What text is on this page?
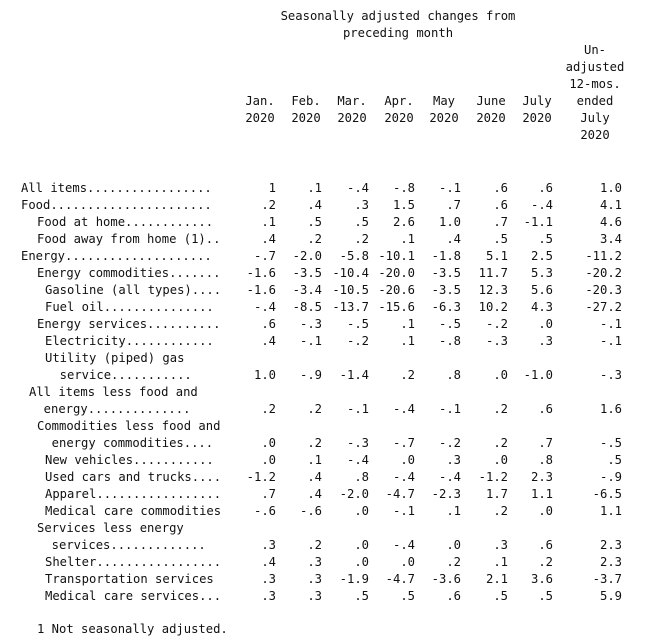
Seasonally adjusted changes from
preceding month
Jan.
2020
Feb.
2020
Mar.
2020
Apr.
2020
May
2020
June
2020
July
2020
Un-
adjusted
12-mos.
ended
July
2020
All items.................	1	.1 -.4 -.8 -.1	.6 .6	1.0
Food......................	.2	.4	.3 1.5	.7	.6 -.4	4.1
Food at home............	.1	.5	.5 2.6 1.0	.7 -1.1	4.6
Food away from home (1)..	.4	.2	.2	.1	.4	.5 .5	3.4
Energy....................	-.7 -2.0 -5.8 -10.1 -1.8 5.1 2.5	-11.2
Energy commodities....... -1.6 -3.5 -10.4 -20.0 -3.5 11.7 5.3	-20.2
Gasoline (all types).... -1.6 -3.4 -10.5 -20.6 -3.5 12.3 5.6	-20.3
Fuel oil...............	-.4 -8.5 -13.7 -15.6 -6.3 10.2 4.3	-27.2
Energy services..........	.6 -.3 -.5	.1 -.5 -.2 .0	-.1
Electricity............	.4 -.1 -.2	.1 -.8 -.3 .3	-.1
Utility (piped) gas
service...........	1.0 -.9 -1.4	.2	.8	.0 -1.0	-.3
All items less food and
energy..............	.2	.2 -.1 -.4 -.1	.2 .6	1.6
Commodities less food and
energy commodities....	.0	.2 -.3 -.7 -.2	.2 .7	-.5
New vehicles...........	.0	.1 -.4	.0	.3	.0 .8	.5
Used cars and trucks.... -1.2	.4	.8 -.4 -.4 -1.2 2.3	-.9
Apparel.................	.7	.4 -2.0 -4.7 -2.3 1.7 1.1	-6.5
Medical care commodities	-.6 -.6	.0 -.1	.1	.2 .0	1.1
Services less energy
services.............	.3	.2	.0 -.4	.0	.3 .6	2.3
Shelter.................	.4	.3	.0	.0	.2	.1 .2	2.3
Transportation services	.3	.3 -1.9 -4.7 -3.6 2.1 3.6	-3.7
Medical care services...	.3	.3	.5	.5	.6	.5 .5	5.9
1 Not seasonally adjusted.
